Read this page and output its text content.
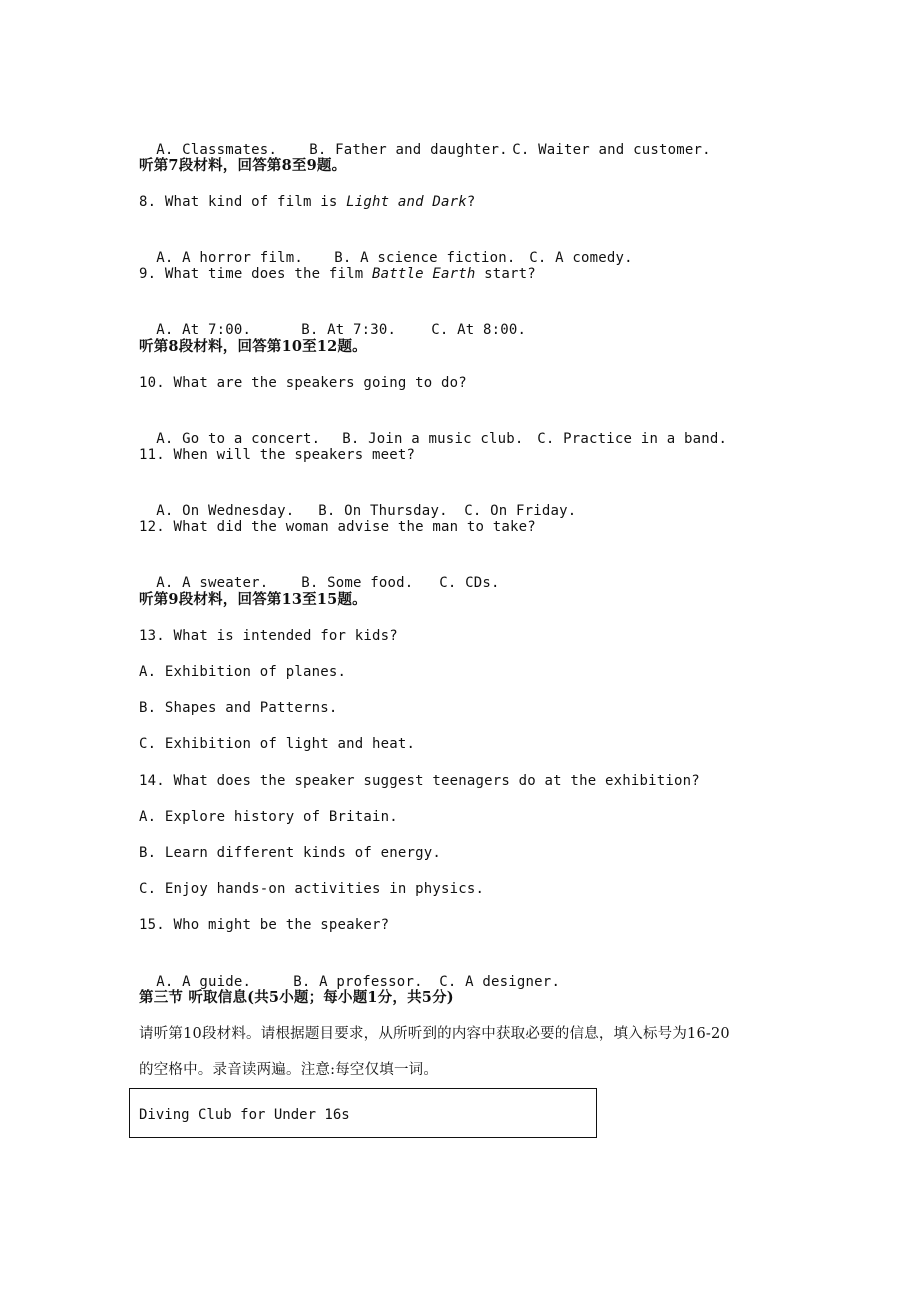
A. Classmates. B. Father and daughter. C. Waiter and customer.

听第7段材料，回答第8至9题。
8. What kind of film is Light and Dark?

A. A horror film. B. A science fiction. C. A comedy.

9. What time does the film Battle Earth start?

A. At 7:00.	B. At 7:30.	C. At 8:00.

听第8段材料，回答第10至12题。
10. What are the speakers going to do?

A. Go to a concert. B. Join a music club. C. Practice in a band.

11. When will the speakers meet?

A. On Wednesday. B. On Thursday. C. On Friday.

12. What did the woman advise the man to take?

A. A sweater. B. Some food. C. CDs.

听第9段材料，回答第13至15题。
13. What is intended for kids?
A. Exhibition of planes.
B. Shapes and Patterns.
C. Exhibition of light and heat.
14. What does the speaker suggest teenagers do at the exhibition?
A. Explore history of Britain.
B. Learn different kinds of energy.
C. Enjoy hands-on activities in physics.
15. Who might be the speaker?

A. A guide.	B. A professor. C. A designer.

第三节 听取信息(共5小题；每小题1分，共5分)
请听第10段材料。请根据题目要求，从所听到的内容中获取必要的信息，填入标号为16-20
的空格中。录音读两遍。注意:每空仅填一词。
Diving Club for Under 16s
